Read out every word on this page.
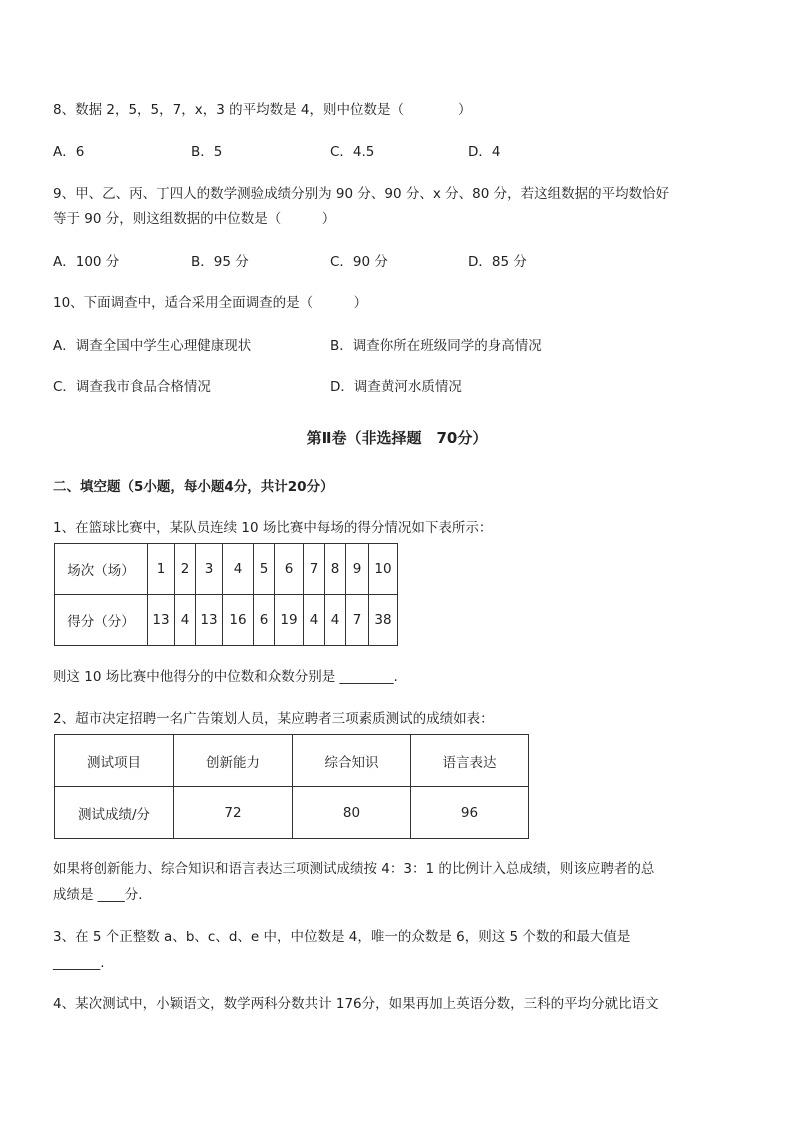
8、数据 2，5，5，7，x，3 的平均数是 4，则中位数是（　　　　）
A．6	B．5	C．4.5	D．4
9、甲、乙、丙、丁四人的数学测验成绩分别为 90 分、90 分、x 分、80 分，若这组数据的平均数恰好
等于 90 分，则这组数据的中位数是（　　　）
A．100 分	B．95 分	C．90 分	D．85 分
10、下面调查中，适合采用全面调查的是（　　　）
A．调查全国中学生心理健康现状	B．调查你所在班级同学的身高情况
C．调查我市食品合格情况	D．调查黄河水质情况
第Ⅱ卷（非选择题　70分）
二、填空题（5小题，每小题4分，共计20分）
1、在篮球比赛中，某队员连续 10 场比赛中每场的得分情况如下表所示：
场次（场）	1	2	3	4	5	6	7	8	9	10
得分（分）	13	4	13	16	6	19	4	4	7	38
则这 10 场比赛中他得分的中位数和众数分别是 ________.
2、超市决定招聘一名广告策划人员，某应聘者三项素质测试的成绩如表：
测试项目	创新能力	综合知识	语言表达
测试成绩/分	72	80	96
如果将创新能力、综合知识和语言表达三项测试成绩按 4：3：1 的比例计入总成绩，则该应聘者的总
成绩是 ____分.
3、在 5 个正整数 a、b、c、d、e 中，中位数是 4，唯一的众数是 6，则这 5 个数的和最大值是
_______.
4、某次测试中，小颖语文，数学两科分数共计 176分，如果再加上英语分数，三科的平均分就比语文
